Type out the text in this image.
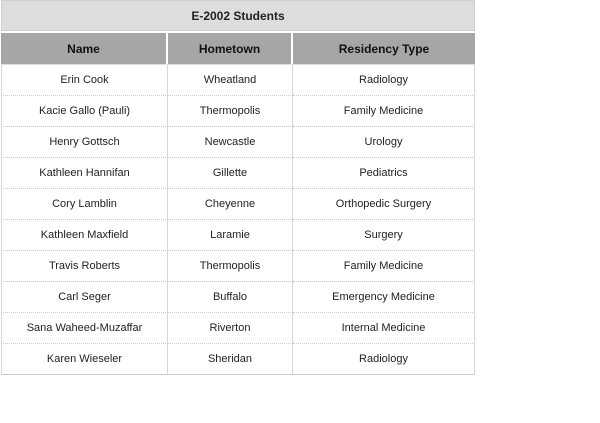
E-2002 Students
Name	Hometown	Residency Type
Erin Cook	Wheatland	Radiology
Kacie Gallo (Pauli)	Thermopolis	Family Medicine
Henry Gottsch	Newcastle	Urology
Kathleen Hannifan	Gillette	Pediatrics
Cory Lamblin	Cheyenne	Orthopedic Surgery
Kathleen Maxfield	Laramie	Surgery
Travis Roberts	Thermopolis	Family Medicine
Carl Seger	Buffalo	Emergency Medicine
Sana Waheed-Muzaffar	Riverton	Internal Medicine
Karen Wieseler	Sheridan	Radiology
